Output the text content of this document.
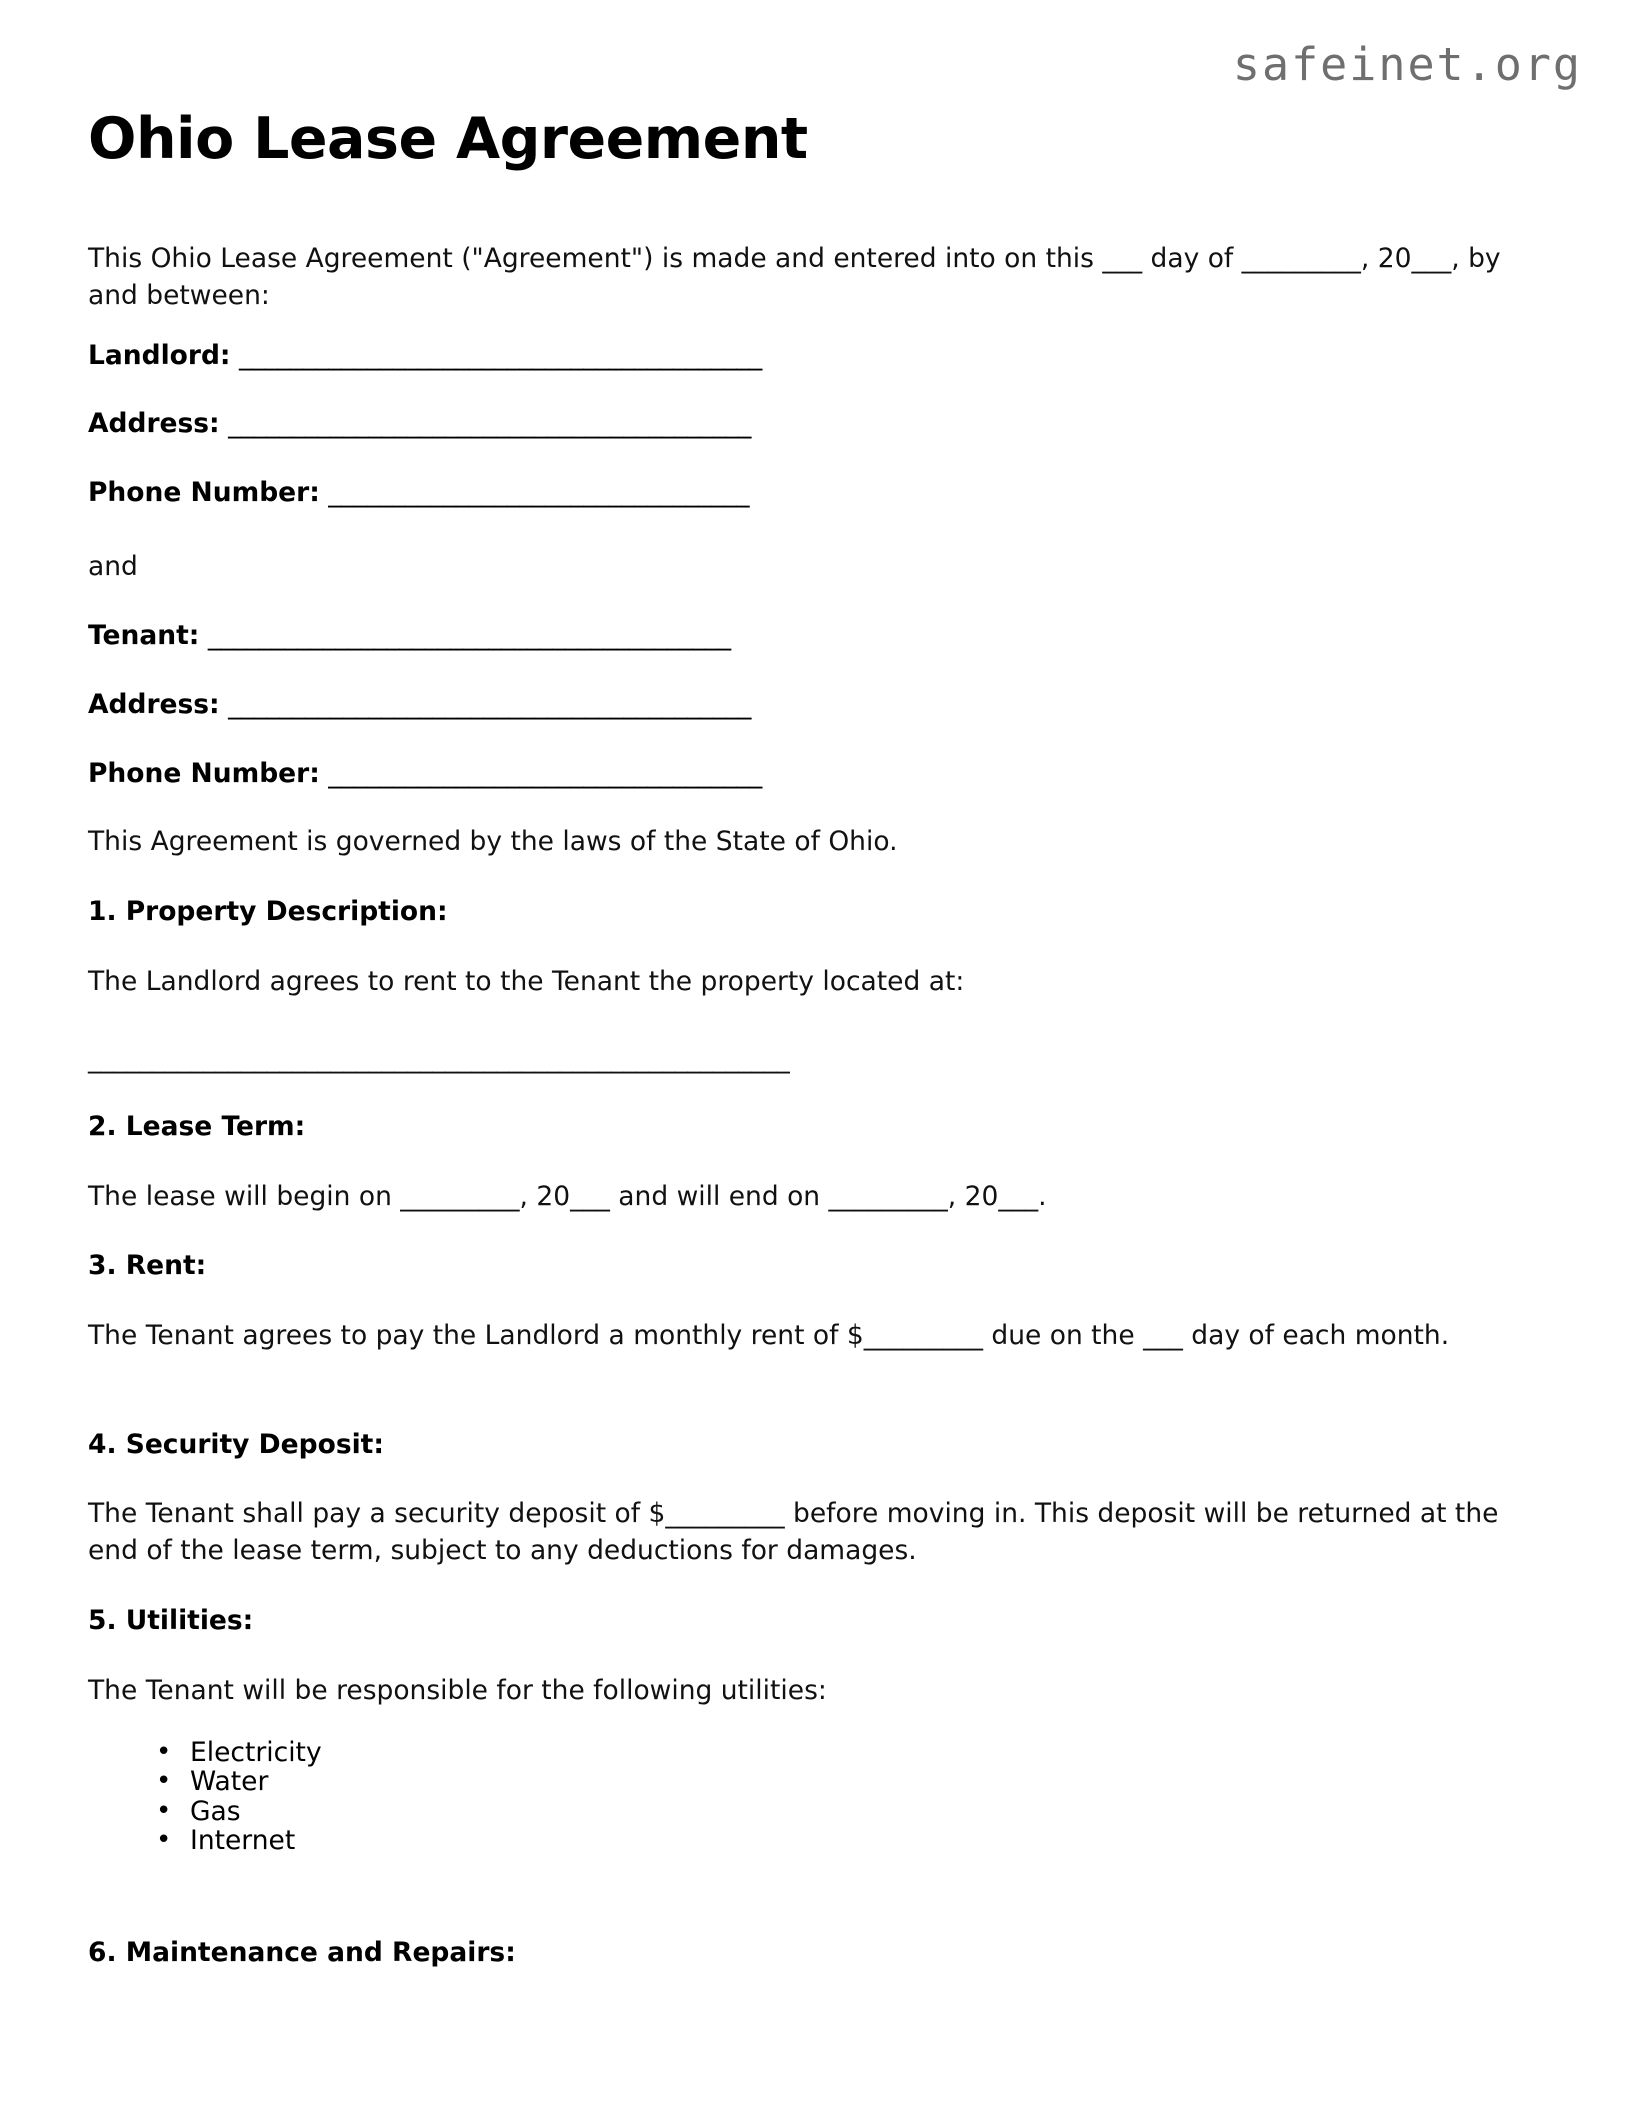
safeinet.org
Ohio Lease Agreement

This Ohio Lease Agreement ("Agreement") is made and entered into on this ___ day of _________, 20___, by and between:

Landlord: _________________________________________

Address: _________________________________________

Phone Number: _________________________________

and

Tenant: _________________________________________

Address: _________________________________________

Phone Number: __________________________________

This Agreement is governed by the laws of the State of Ohio.

1. Property Description:

The Landlord agrees to rent to the Tenant the property located at:

_______________________________________________________

2. Lease Term:

The lease will begin on _________, 20___ and will end on _________, 20___.

3. Rent:

The Tenant agrees to pay the Landlord a monthly rent of $_________ due on the ___ day of each month.

4. Security Deposit:

The Tenant shall pay a security deposit of $_________ before moving in. This deposit will be returned at the end of the lease term, subject to any deductions for damages.

5. Utilities:

The Tenant will be responsible for the following utilities:

• Electricity
• Water
• Gas
• Internet
6. Maintenance and Repairs:
